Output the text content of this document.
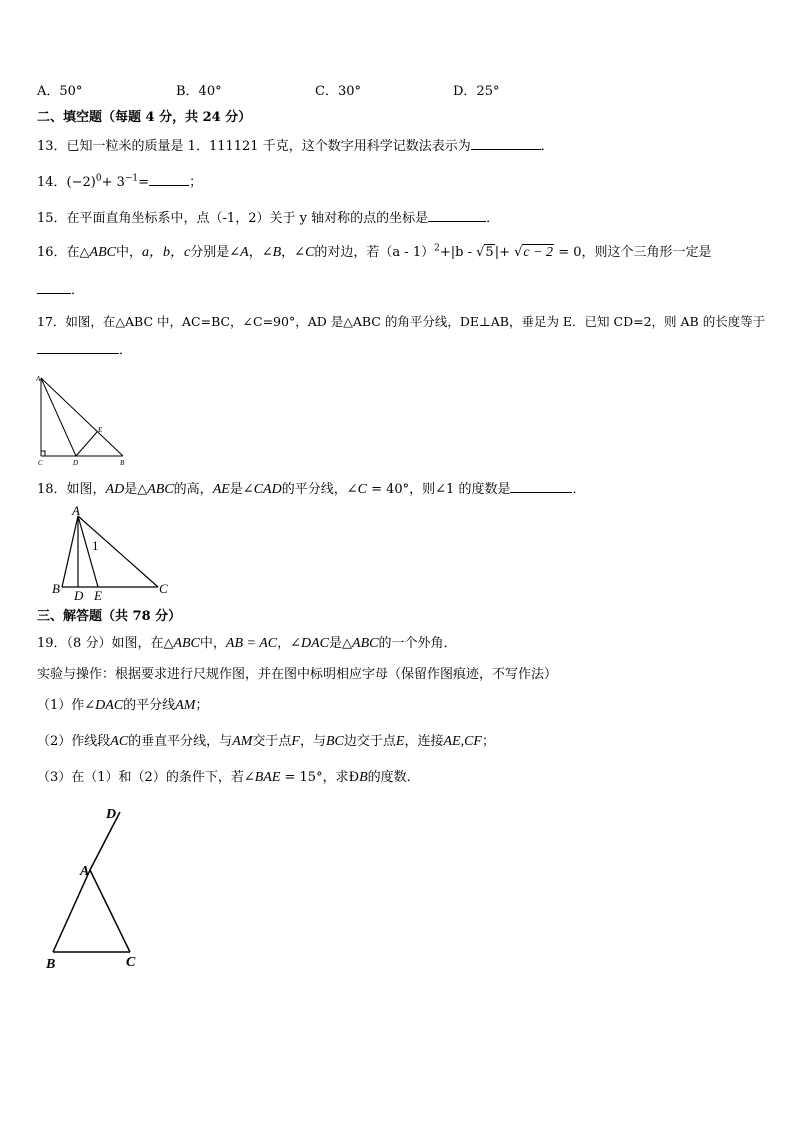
A．50°	B．40°	C．30°	D．25°
二、填空题（每题 4 分，共 24 分）
13．已知一粒米的质量是 1．111121 千克，这个数字用科学记数法表示为	．
14．$(-2)^0+ 3^{-1}=$	；
15．在平面直角坐标系中，点（-1，2）关于 y 轴对称的点的坐标是	．
16．在△ABC中，a，b，c分别是∠A，∠B，∠C的对边，若（a - 1）$^2$+|b - √5|+ √c − 2 = 0，则这个三角形一定是
．
17．如图，在△ABC 中，AC=BC，∠C=90°，AD 是△ABC 的角平分线，DE⊥AB，垂足为 E．已知 CD=2，则 AB 的长度等于
．
A
E
C	D	B
18．如图，AD是△ABC的高，AE是∠CAD的平分线，∠C = 40°，则∠1 的度数是	．
A
1
B D E	C
三、解答题（共 78 分）
19．（8 分）如图，在△ABC中，AB = AC，∠DAC是△ABC的一个外角．
实验与操作：根据要求进行尺规作图，并在图中标明相应字母（保留作图痕迹，不写作法）
（1）作∠DAC的平分线AM；
（2）作线段AC的垂直平分线，与AM交于点F，与BC边交于点E，连接AE,CF；
（3）在（1）和（2）的条件下，若∠BAE = 15°，求ÐB的度数．
D
A
B	C
